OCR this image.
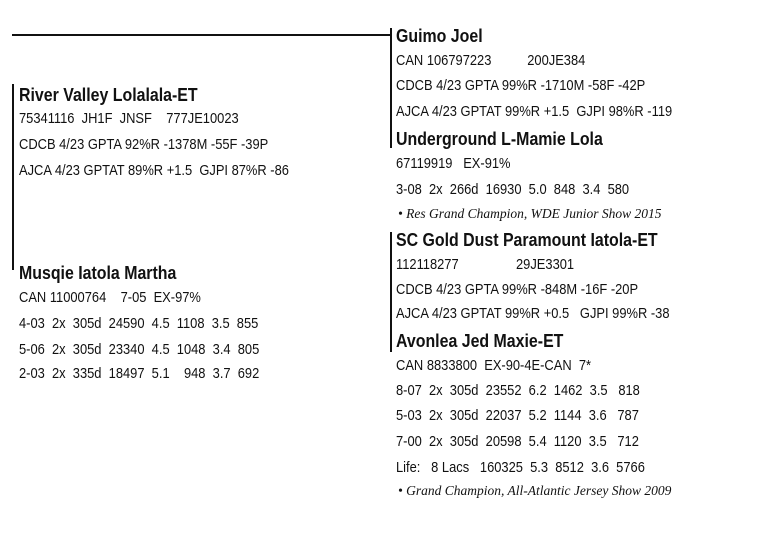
River Valley Lolalala-ET

75341116  JH1F  JNSF    777JE10023

CDCB 4/23 GPTA 92%R -1378M -55F -39P

AJCA 4/23 GPTAT 89%R +1.5  GJPI 87%R -86

Musqie Iatola Martha

CAN 11000764    7-05  EX-97%

4-03  2x  305d  24590  4.5  1108  3.5  855

5-06  2x  305d  23340  4.5  1048  3.4  805

2-03  2x  335d  18497  5.1    948  3.7  692

Guimo Joel

CAN 106797223          200JE384

CDCB 4/23 GPTA 99%R -1710M -58F -42P

AJCA 4/23 GPTAT 99%R +1.5  GJPI 98%R -119

Underground L-Mamie Lola

67119919   EX-91%

3-08  2x  266d  16930  5.0  848  3.4  580

• Res Grand Champion, WDE Junior Show 2015

SC Gold Dust Paramount Iatola-ET

112118277                29JE3301

CDCB 4/23 GPTA 99%R -848M -16F -20P

AJCA 4/23 GPTAT 99%R +0.5   GJPI 99%R -38

Avonlea Jed Maxie-ET

CAN 8833800  EX-90-4E-CAN  7*

8-07  2x  305d  23552  6.2  1462  3.5   818

5-03  2x  305d  22037  5.2  1144  3.6   787

7-00  2x  305d  20598  5.4  1120  3.5   712

Life:   8 Lacs   160325  5.3  8512  3.6  5766

• Grand Champion, All-Atlantic Jersey Show 2009
